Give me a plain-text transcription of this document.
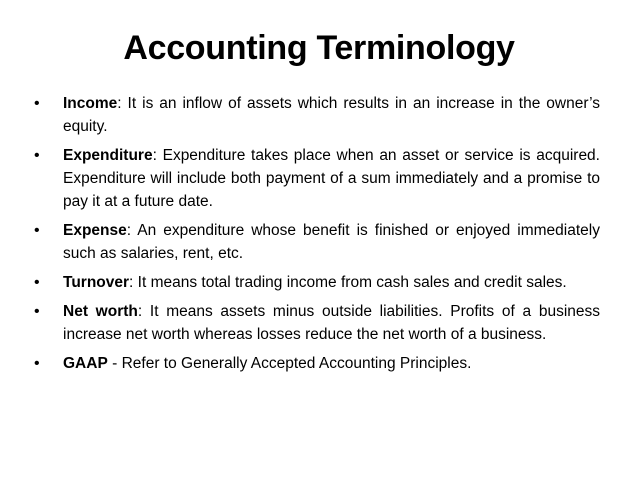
Accounting Terminology
• Income: It is an inflow of assets which results in an increase in the owner’s equity.
• Expenditure: Expenditure takes place when an asset or service is acquired. Expenditure will include both payment of a sum immediately and a promise to pay it at a future date.
• Expense: An expenditure whose benefit is finished or enjoyed immediately such as salaries, rent, etc.
• Turnover: It means total trading income from cash sales and credit sales.
• Net worth: It means assets minus outside liabilities. Profits of a business increase net worth whereas losses reduce the net worth of a business.
• GAAP - Refer to Generally Accepted Accounting Principles.
